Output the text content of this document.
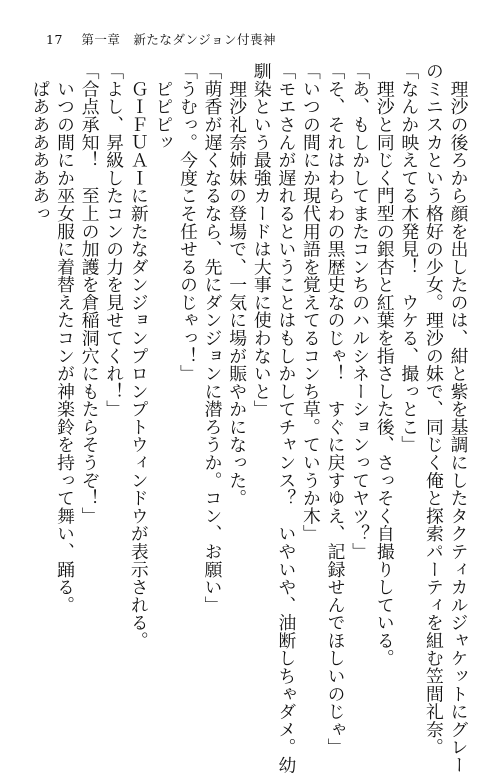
17 第一章　新たなダンジョン付喪神
　理沙の後ろから顔を出したのは、紺と紫を基調にしたタクティカルジャケットにグレー
のミニスカという格好の少女。理沙の妹で、同じく俺と探索パーティを組む笠間礼奈。
「なんか映えてる木発見！　ウケる、撮っとこ」
　理沙と同じく門型の銀杏と紅葉を指さした後、さっそく自撮りしている。
「あ、もしかしてまたコンちのハルシネーションってヤツ？」
「そ、それはわらわの黒歴史なのじゃ！　すぐに戻すゆえ、記録せんでほしいのじゃ」
「いつの間にか現代用語を覚えてるコンち草。ていうか木」
「モエさんが遅れるということはもしかしてチャンス？　いやいや、油断しちゃダメ。幼
馴染という最強カードは大事に使わないと」
　理沙礼奈姉妹の登場で、一気に場が賑やかになった。
「萌香が遅くなるなら、先にダンジョンに潜ろうか。コン、お願い」
「うむっ。今度こそ任せるのじゃっ！」
　ピピピッ
　ＧＩＦＵＡＩに新たなダンジョンプロンプトウィンドウが表示される。
「よし、昇級したコンの力を見せてくれ！」
「合点承知！　至上の加護を倉稲洞穴にもたらそうぞ！」
　いつの間にか巫女服に着替えたコンが神楽鈴を持って舞い、踊る。
　ぱああああああっ
